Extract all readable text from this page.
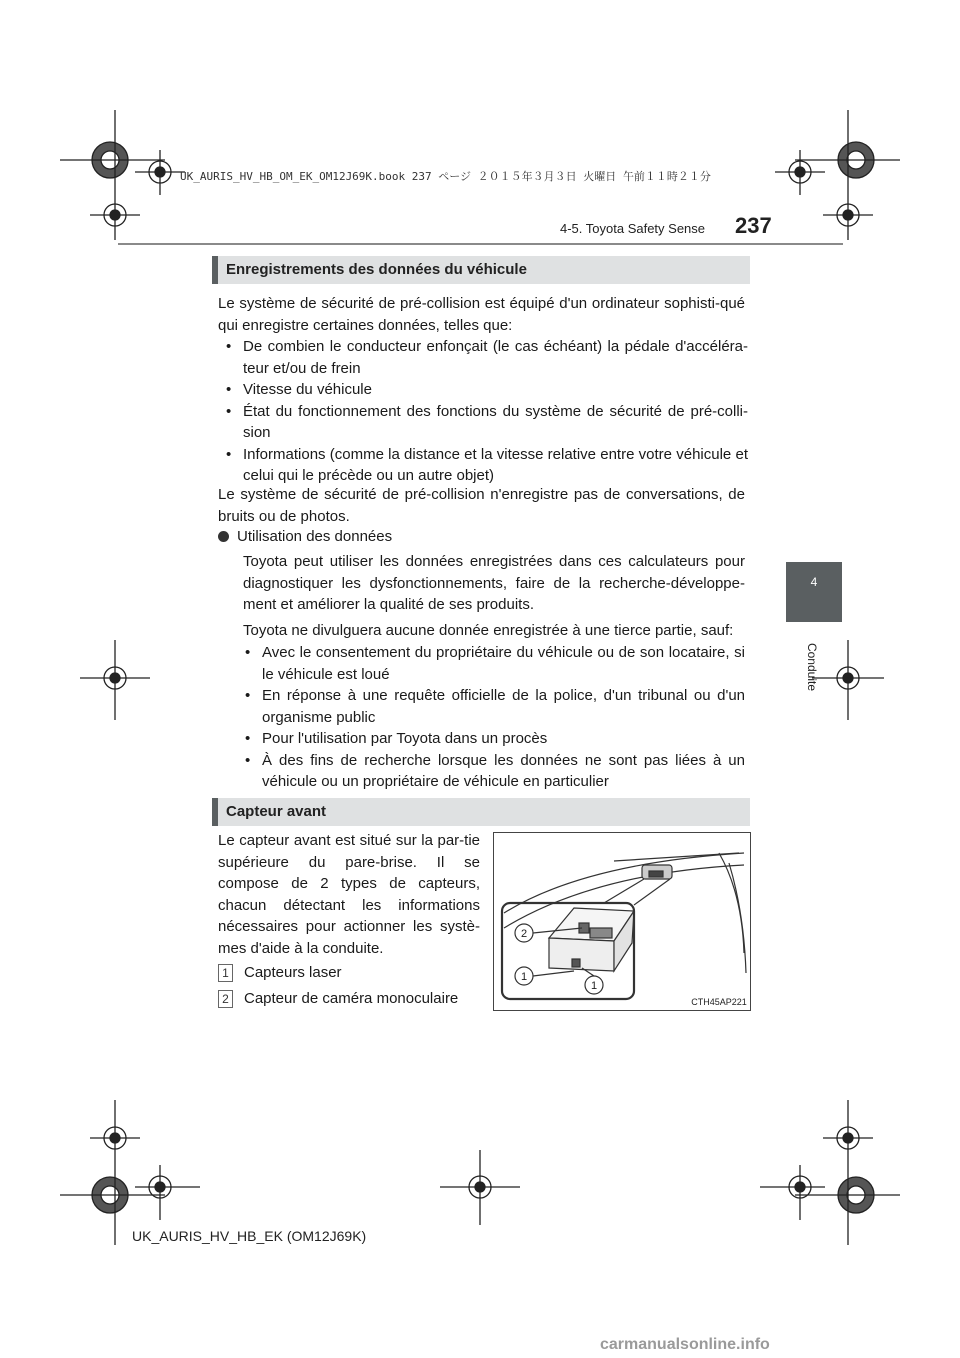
UK_AURIS_HV_HB_OM_EK_OM12J69K.book 237 ページ ２０１５年３月３日 火曜日 午前１１時２１分
4-5. Toyota Safety Sense 237
4
Conduite
Enregistrements des données du véhicule
Le système de sécurité de pré-collision est équipé d'un ordinateur sophisti-qué qui enregistre certaines données, telles que:
• De combien le conducteur enfonçait (le cas échéant) la pédale d'accéléra-teur et/ou de frein
• Vitesse du véhicule
• État du fonctionnement des fonctions du système de sécurité de pré-colli-sion
• Informations (comme la distance et la vitesse relative entre votre véhicule et celui qui le précède ou un autre objet)
Le système de sécurité de pré-collision n'enregistre pas de conversations, de bruits ou de photos.
Utilisation des données
Toyota peut utiliser les données enregistrées dans ces calculateurs pour diagnostiquer les dysfonctionnements, faire de la recherche-développe-ment et améliorer la qualité de ses produits.
Toyota ne divulguera aucune donnée enregistrée à une tierce partie, sauf:
• Avec le consentement du propriétaire du véhicule ou de son locataire, si le véhicule est loué
• En réponse à une requête officielle de la police, d'un tribunal ou d'un organisme public
• Pour l'utilisation par Toyota dans un procès
• À des fins de recherche lorsque les données ne sont pas liées à un véhicule ou un propriétaire de véhicule en particulier
Capteur avant
Le capteur avant est situé sur la par-tie supérieure du pare-brise. Il se compose de 2 types de capteurs, chacun détectant les informations nécessaires pour actionner les systè-mes d'aide à la conduite.
1 Capteurs laser
2 Capteur de caméra monoculaire
2
1
1
CTH45AP221
UK_AURIS_HV_HB_EK (OM12J69K)
carmanualsonline.info
